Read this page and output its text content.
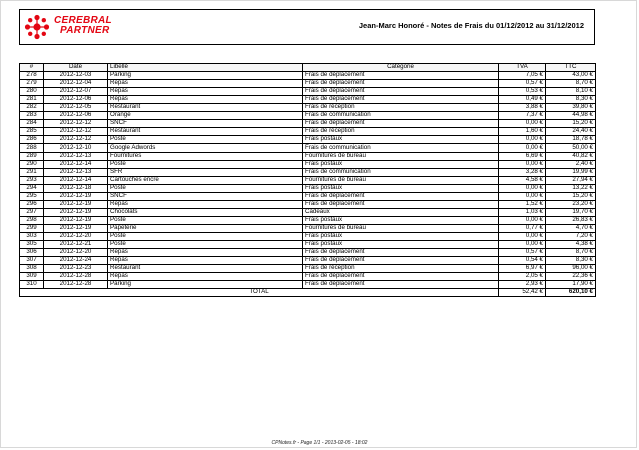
CEREBRAL
PARTNER	Jean-Marc Honoré - Notes de Frais du 01/12/2012 au 31/12/2012
#	Date	Libellé	Catégorie	TVA	TTC
278	2012-12-03	Parking	Frais de déplacement	7,05 €	43,00 €
279	2012-12-04	Repas	Frais de déplacement	0,57 €	8,70 €
280	2012-12-07	Repas	Frais de déplacement	0,53 €	8,10 €
281	2012-12-06	Repas	Frais de déplacement	0,49 €	8,30 €
282	2012-12-05	Restaurant	Frais de réception	3,88 €	39,80 €
283	2012-12-06	Orange	Frais de communication	7,37 €	44,98 €
284	2012-12-12	SNCF	Frais de déplacement	0,00 €	15,20 €
285	2012-12-12	Restaurant	Frais de réception	1,60 €	24,40 €
286	2012-12-12	Poste	Frais postaux	0,00 €	18,78 €
288	2012-12-10	Google Adwords	Frais de communication	0,00 €	50,00 €
289	2012-12-13	Fournitures	Fournitures de bureau	6,69 €	40,82 €
290	2012-12-14	Poste	Frais postaux	0,00 €	2,40 €
291	2012-12-13	SFR	Frais de communication	3,28 €	19,99 €
293	2012-12-14	Cartouches encre	Fournitures de bureau	4,58 €	27,94 €
294	2012-12-18	Poste	Frais postaux	0,00 €	13,22 €
295	2012-12-19	SNCF	Frais de déplacement	0,00 €	15,20 €
296	2012-12-19	Repas	Frais de déplacement	1,52 €	23,20 €
297	2012-12-19	Chocolats	Cadeaux	1,03 €	19,70 €
298	2012-12-19	Poste	Frais postaux	0,00 €	26,83 €
299	2012-12-19	Papeterie	Fournitures de bureau	0,77 €	4,70 €
303	2012-12-20	Poste	Frais postaux	0,00 €	7,20 €
305	2012-12-21	Poste	Frais postaux	0,00 €	4,38 €
306	2012-12-20	Repas	Frais de déplacement	0,57 €	8,70 €
307	2012-12-24	Repas	Frais de déplacement	0,54 €	8,30 €
308	2012-12-23	Restaurant	Frais de réception	6,97 €	96,00 €
309	2012-12-28	Repas	Frais de déplacement	2,05 €	22,36 €
310	2012-12-28	Parking	Frais de déplacement	2,93 €	17,90 €
TOTAL				52,42 €	620,10 €
CPNotes.fr - Page 1/1 - 2013-02-05 - 18:02
